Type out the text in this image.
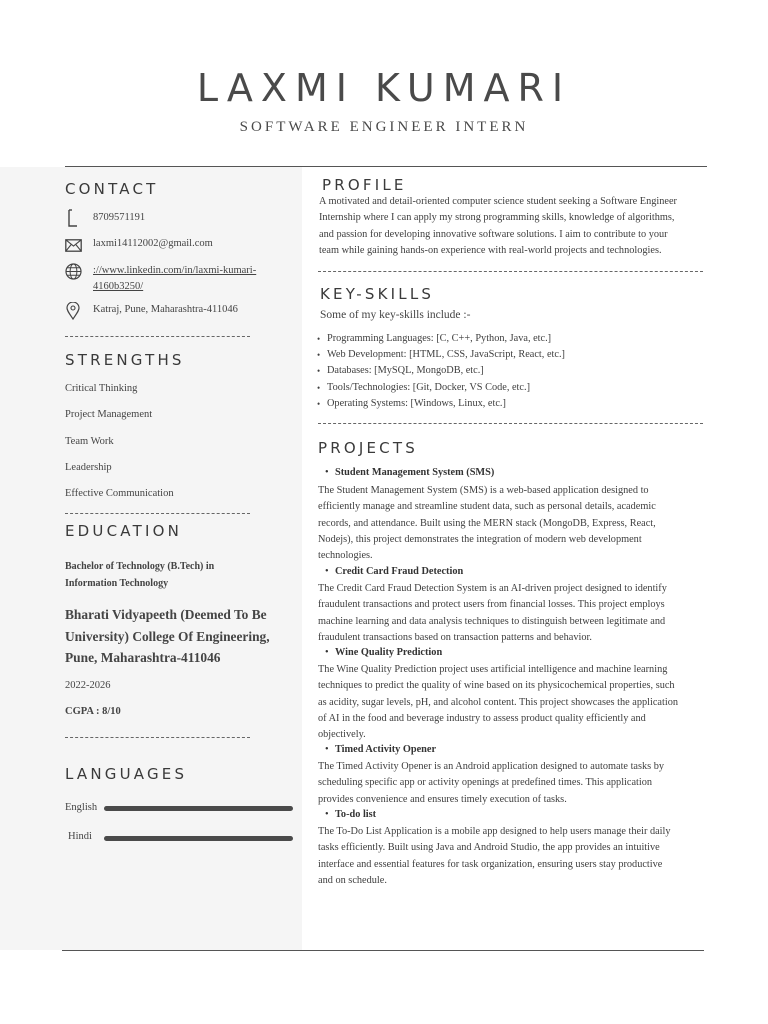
LAXMI KUMARI
SOFTWARE ENGINEER INTERN
CONTACT
8709571191
laxmi14112002@gmail.com
://www.linkedin.com/in/laxmi-kumari-
4160b3250/
Katraj, Pune, Maharashtra-411046
STRENGTHS
Critical Thinking
Project Management
Team Work
Leadership
Effective Communication
EDUCATION
Bachelor of Technology (B.Tech) in
Information Technology
Bharati Vidyapeeth (Deemed To Be
University) College Of Engineering,
Pune, Maharashtra-411046
2022-2026
CGPA : 8/10
LANGUAGES
English
Hindi
PROFILE
A motivated and detail-oriented computer science student seeking a Software Engineer
Internship where I can apply my strong programming skills, knowledge of algorithms,
and passion for developing innovative software solutions. I aim to contribute to your
team while gaining hands-on experience with real-world projects and technologies.
KEY-SKILLS
Some of my key-skills include :-
• Programming Languages: [C, C++, Python, Java, etc.]
• Web Development: [HTML, CSS, JavaScript, React, etc.]
• Databases: [MySQL, MongoDB, etc.]
• Tools/Technologies: [Git, Docker, VS Code, etc.]
• Operating Systems: [Windows, Linux, etc.]
PROJECTS
• Student Management System (SMS)
The Student Management System (SMS) is a web-based application designed to
efficiently manage and streamline student data, such as personal details, academic
records, and attendance. Built using the MERN stack (MongoDB, Express, React,
Nodejs), this project demonstrates the integration of modern web development
technologies.
• Credit Card Fraud Detection
The Credit Card Fraud Detection System is an AI-driven project designed to identify
fraudulent transactions and protect users from financial losses. This project employs
machine learning and data analysis techniques to distinguish between legitimate and
fraudulent transactions based on transaction patterns and behavior.
• Wine Quality Prediction
The Wine Quality Prediction project uses artificial intelligence and machine learning
techniques to predict the quality of wine based on its physicochemical properties, such
as acidity, sugar levels, pH, and alcohol content. This project showcases the application
of AI in the food and beverage industry to assess product quality efficiently and
objectively.
• Timed Activity Opener
The Timed Activity Opener is an Android application designed to automate tasks by
scheduling specific app or activity openings at predefined times. This application
provides convenience and ensures timely execution of tasks.
• To-do list
The To-Do List Application is a mobile app designed to help users manage their daily
tasks efficiently. Built using Java and Android Studio, the app provides an intuitive
interface and essential features for task organization, ensuring users stay productive
and on schedule.
